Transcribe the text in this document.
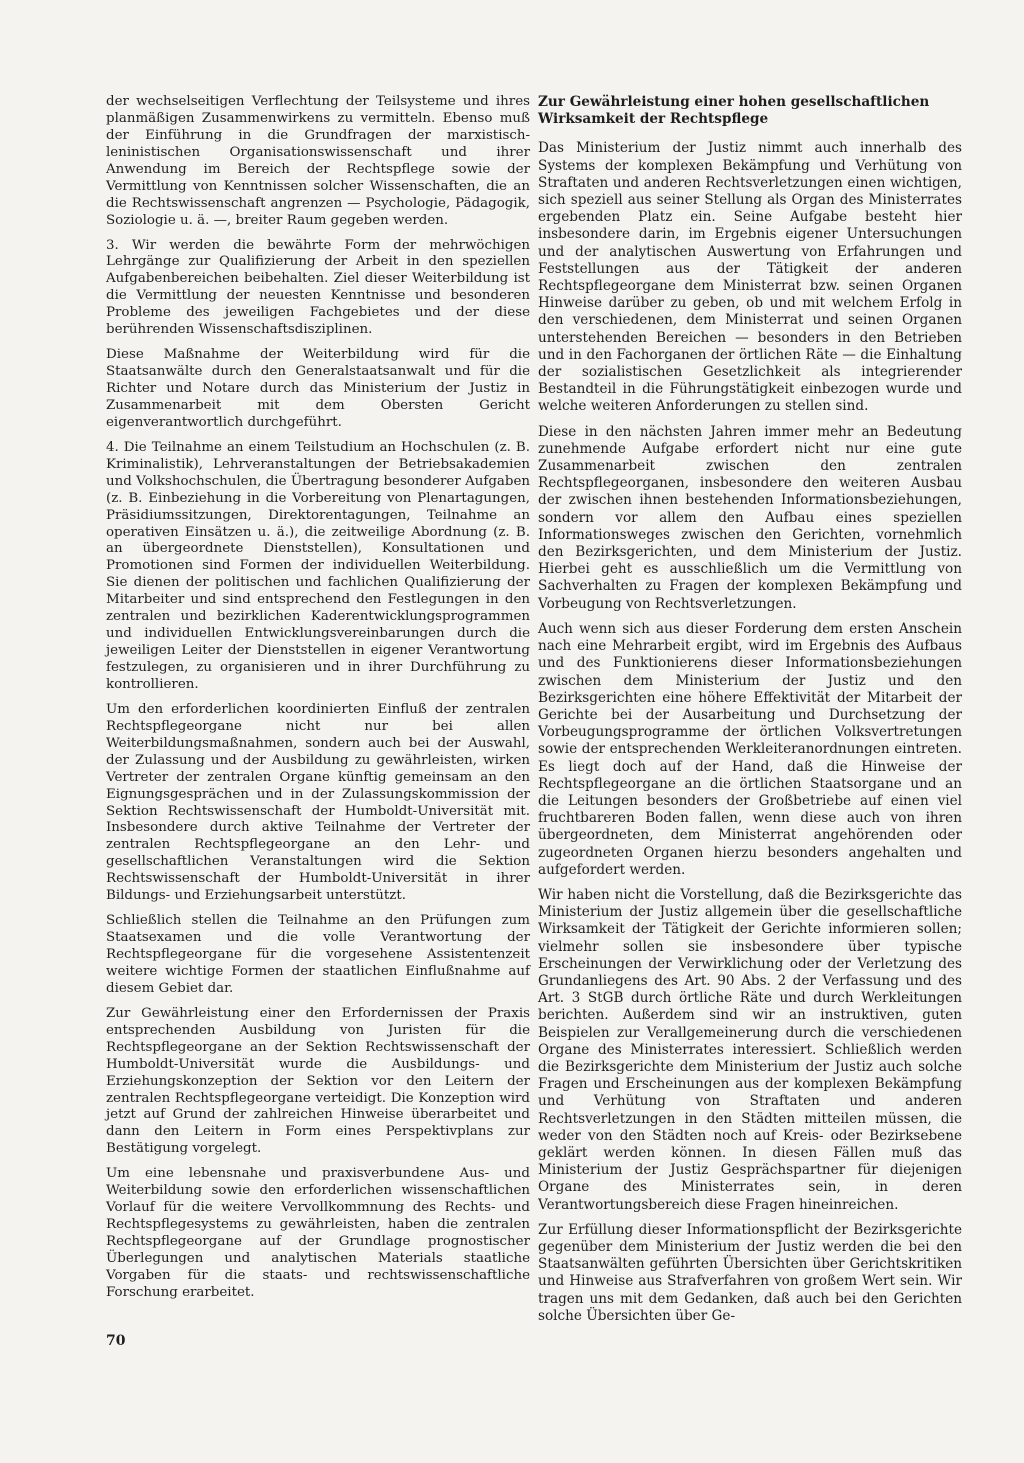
der wechselseitigen Verflechtung der Teilsysteme und ihres planmäßigen Zusammenwirkens zu vermitteln. Ebenso muß der Einführung in die Grundfragen der marxistisch-leninistischen Organisationswissenschaft und ihrer Anwendung im Bereich der Rechtspflege sowie der Vermittlung von Kenntnissen solcher Wissenschaften, die an die Rechtswissenschaft angrenzen — Psychologie, Pädagogik, Soziologie u. ä. —, breiter Raum gegeben werden.

3. Wir werden die bewährte Form der mehrwöchigen Lehrgänge zur Qualifizierung der Arbeit in den speziellen Aufgabenbereichen beibehalten. Ziel dieser Weiterbildung ist die Vermittlung der neuesten Kenntnisse und besonderen Probleme des jeweiligen Fachgebietes und der diese berührenden Wissenschaftsdisziplinen.

Diese Maßnahme der Weiterbildung wird für die Staatsanwälte durch den Generalstaatsanwalt und für die Richter und Notare durch das Ministerium der Justiz in Zusammenarbeit mit dem Obersten Gericht eigenverantwortlich durchgeführt.

4. Die Teilnahme an einem Teilstudium an Hochschulen (z. B. Kriminalistik), Lehrveranstaltungen der Betriebsakademien und Volkshochschulen, die Übertragung besonderer Aufgaben (z. B. Einbeziehung in die Vorbereitung von Plenartagungen, Präsidiumssitzungen, Direktorentagungen, Teilnahme an operativen Einsätzen u. ä.), die zeitweilige Abordnung (z. B. an übergeordnete Dienststellen), Konsultationen und Promotionen sind Formen der individuellen Weiterbildung. Sie dienen der politischen und fachlichen Qualifizierung der Mitarbeiter und sind entsprechend den Festlegungen in den zentralen und bezirklichen Kaderentwicklungsprogrammen und individuellen Entwicklungsvereinbarungen durch die jeweiligen Leiter der Dienststellen in eigener Verantwortung festzulegen, zu organisieren und in ihrer Durchführung zu kontrollieren.

Um den erforderlichen koordinierten Einfluß der zentralen Rechtspflegeorgane nicht nur bei allen Weiterbildungsmaßnahmen, sondern auch bei der Auswahl, der Zulassung und der Ausbildung zu gewährleisten, wirken Vertreter der zentralen Organe künftig gemeinsam an den Eignungsgesprächen und in der Zulassungskommission der Sektion Rechtswissenschaft der Humboldt-Universität mit. Insbesondere durch aktive Teilnahme der Vertreter der zentralen Rechtspflegeorgane an den Lehr- und gesellschaftlichen Veranstaltungen wird die Sektion Rechtswissenschaft der Humboldt-Universität in ihrer Bildungs- und Erziehungsarbeit unterstützt.

Schließlich stellen die Teilnahme an den Prüfungen zum Staatsexamen und die volle Verantwortung der Rechtspflegeorgane für die vorgesehene Assistentenzeit weitere wichtige Formen der staatlichen Einflußnahme auf diesem Gebiet dar.

Zur Gewährleistung einer den Erfordernissen der Praxis entsprechenden Ausbildung von Juristen für die Rechtspflegeorgane an der Sektion Rechtswissenschaft der Humboldt-Universität wurde die Ausbildungs- und Erziehungskonzeption der Sektion vor den Leitern der zentralen Rechtspflegeorgane verteidigt. Die Konzeption wird jetzt auf Grund der zahlreichen Hinweise überarbeitet und dann den Leitern in Form eines Perspektivplans zur Bestätigung vorgelegt.

Um eine lebensnahe und praxisverbundene Aus- und Weiterbildung sowie den erforderlichen wissenschaftlichen Vorlauf für die weitere Vervollkommnung des Rechts- und Rechtspflegesystems zu gewährleisten, haben die zentralen Rechtspflegeorgane auf der Grundlage prognostischer Überlegungen und analytischen Materials staatliche Vorgaben für die staats- und rechtswissenschaftliche Forschung erarbeitet.

Zur Gewährleistung einer hohen gesellschaftlichen Wirksamkeit der Rechtspflege

Das Ministerium der Justiz nimmt auch innerhalb des Systems der komplexen Bekämpfung und Verhütung von Straftaten und anderen Rechtsverletzungen einen wichtigen, sich speziell aus seiner Stellung als Organ des Ministerrates ergebenden Platz ein. Seine Aufgabe besteht hier insbesondere darin, im Ergebnis eigener Untersuchungen und der analytischen Auswertung von Erfahrungen und Feststellungen aus der Tätigkeit der anderen Rechtspflegeorgane dem Ministerrat bzw. seinen Organen Hinweise darüber zu geben, ob und mit welchem Erfolg in den verschiedenen, dem Ministerrat und seinen Organen unterstehenden Bereichen — besonders in den Betrieben und in den Fachorganen der örtlichen Räte — die Einhaltung der sozialistischen Gesetzlichkeit als integrierender Bestandteil in die Führungstätigkeit einbezogen wurde und welche weiteren Anforderungen zu stellen sind.

Diese in den nächsten Jahren immer mehr an Bedeutung zunehmende Aufgabe erfordert nicht nur eine gute Zusammenarbeit zwischen den zentralen Rechtspflegeorganen, insbesondere den weiteren Ausbau der zwischen ihnen bestehenden Informationsbeziehungen, sondern vor allem den Aufbau eines speziellen Informationsweges zwischen den Gerichten, vornehmlich den Bezirksgerichten, und dem Ministerium der Justiz. Hierbei geht es ausschließlich um die Vermittlung von Sachverhalten zu Fragen der komplexen Bekämpfung und Vorbeugung von Rechtsverletzungen.

Auch wenn sich aus dieser Forderung dem ersten Anschein nach eine Mehrarbeit ergibt, wird im Ergebnis des Aufbaus und des Funktionierens dieser Informationsbeziehungen zwischen dem Ministerium der Justiz und den Bezirksgerichten eine höhere Effektivität der Mitarbeit der Gerichte bei der Ausarbeitung und Durchsetzung der Vorbeugungsprogramme der örtlichen Volksvertretungen sowie der entsprechenden Werkleiteranordnungen eintreten. Es liegt doch auf der Hand, daß die Hinweise der Rechtspflegeorgane an die örtlichen Staatsorgane und an die Leitungen besonders der Großbetriebe auf einen viel fruchtbareren Boden fallen, wenn diese auch von ihren übergeordneten, dem Ministerrat angehörenden oder zugeordneten Organen hierzu besonders angehalten und aufgefordert werden.

Wir haben nicht die Vorstellung, daß die Bezirksgerichte das Ministerium der Justiz allgemein über die gesellschaftliche Wirksamkeit der Tätigkeit der Gerichte informieren sollen; vielmehr sollen sie insbesondere über typische Erscheinungen der Verwirklichung oder der Verletzung des Grundanliegens des Art. 90 Abs. 2 der Verfassung und des Art. 3 StGB durch örtliche Räte und durch Werkleitungen berichten. Außerdem sind wir an instruktiven, guten Beispielen zur Verallgemeinerung durch die verschiedenen Organe des Ministerrates interessiert. Schließlich werden die Bezirksgerichte dem Ministerium der Justiz auch solche Fragen und Erscheinungen aus der komplexen Bekämpfung und Verhütung von Straftaten und anderen Rechtsverletzungen in den Städten mitteilen müssen, die weder von den Städten noch auf Kreis- oder Bezirksebene geklärt werden können. In diesen Fällen muß das Ministerium der Justiz Gesprächspartner für diejenigen Organe des Ministerrates sein, in deren Verantwortungsbereich diese Fragen hineinreichen.

Zur Erfüllung dieser Informationspflicht der Bezirksgerichte gegenüber dem Ministerium der Justiz werden die bei den Staatsanwälten geführten Übersichten über Gerichtskritiken und Hinweise aus Strafverfahren von großem Wert sein. Wir tragen uns mit dem Gedanken, daß auch bei den Gerichten solche Übersichten über Ge-

70
